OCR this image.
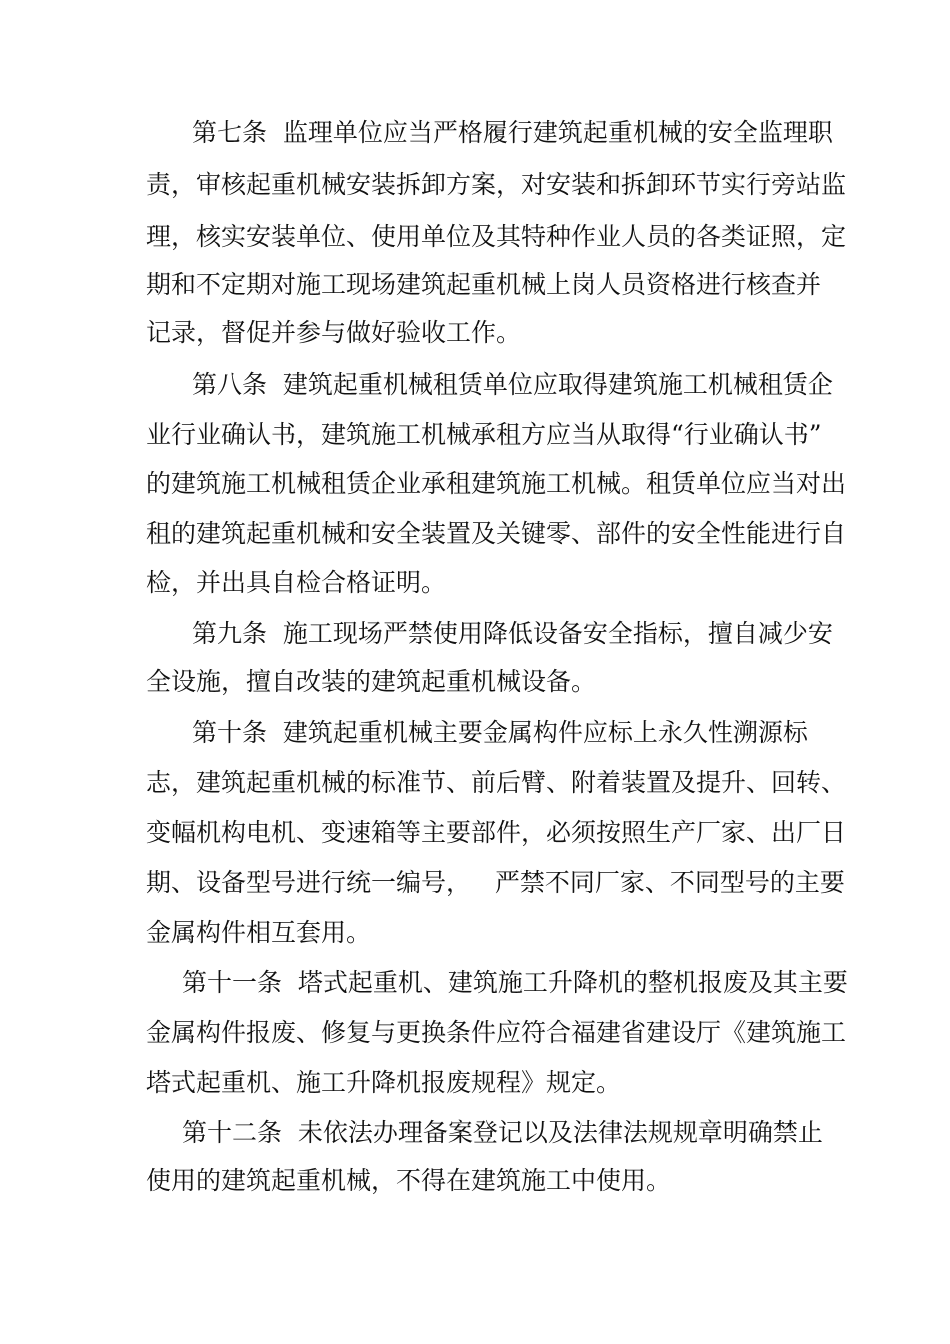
第七条  监理单位应当严格履行建筑起重机械的安全监理职

责，审核起重机械安装拆卸方案，对安装和拆卸环节实行旁站监

理，核实安装单位、使用单位及其特种作业人员的各类证照，定

期和不定期对施工现场建筑起重机械上岗人员资格进行核查并

记录，督促并参与做好验收工作。

第八条  建筑起重机械租赁单位应取得建筑施工机械租赁企

业行业确认书，建筑施工机械承租方应当从取得“行业确认书”

的建筑施工机械租赁企业承租建筑施工机械。租赁单位应当对出

租的建筑起重机械和安全装置及关键零、部件的安全性能进行自

检，并出具自检合格证明。

第九条  施工现场严禁使用降低设备安全指标，擅自减少安

全设施，擅自改装的建筑起重机械设备。

第十条  建筑起重机械主要金属构件应标上永久性溯源标

志，建筑起重机械的标准节、前后臂、附着装置及提升、回转、

变幅机构电机、变速箱等主要部件，必须按照生产厂家、出厂日

期、设备型号进行统一编号，   严禁不同厂家、不同型号的主要

金属构件相互套用。

第十一条  塔式起重机、建筑施工升降机的整机报废及其主要

金属构件报废、修复与更换条件应符合福建省建设厅《建筑施工

塔式起重机、施工升降机报废规程》规定。

第十二条  未依法办理备案登记以及法律法规规章明确禁止

使用的建筑起重机械，不得在建筑施工中使用。
